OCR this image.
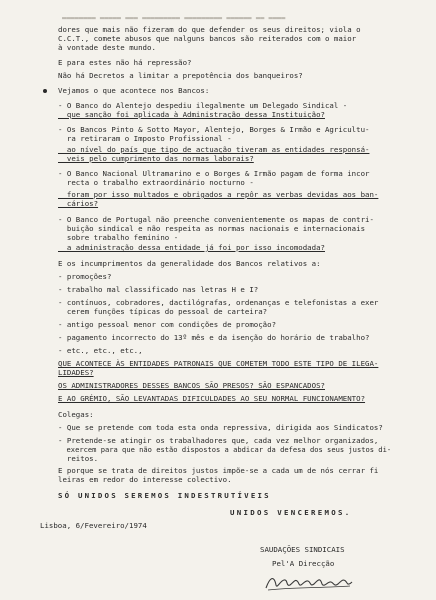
▬▬▬▬▬▬▬▬ ▬▬▬▬▬ ▬▬▬ ▬▬▬▬▬▬▬▬▬ ▬▬▬▬▬▬▬▬▬ ▬▬▬▬▬▬ ▬▬ ▬▬▬▬
dores que mais não fizeram do que defender os seus direitos; viola o
C.C.T., comete abusos que nalguns bancos são reiterados com o maior
à vontade deste mundo.
E para estes não há repressão?
Não há Decretos a limitar a prepotência dos banqueiros?
Vejamos o que acontece nos Bancos:
- O Banco do Alentejo despediu ilegalmente um Delegado Sindical -
que sanção foi aplicada à Administração dessa Instituição?
- Os Bancos Pinto & Sotto Mayor, Alentejo, Borges & Irmão e Agricultu-
ra retiraram o Imposto Profissional -
ao nível do país que tipo de actuação tiveram as entidades responsá-
veis pelo cumprimento das normas laborais?
- O Banco Nacional Ultramarino e o Borges & Irmão pagam de forma incor
recta o trabalho extraordinário nocturno -
foram por isso multados e obrigados a repôr as verbas devidas aos ban-
cários?
- O Banco de Portugal não preenche convenientemente os mapas de contri-
buição sindical e não respeita as normas nacionais e internacionais
sobre trabalho feminino -
a administração dessa entidade já foi por isso incomodada?
E os incumprimentos da generalidade dos Bancos relativos a:
- promoções?
- trabalho mal classificado nas letras H e I?
- contínuos, cobradores, dactilógrafas, ordenanças e telefonistas a exer
cerem funções típicas do pessoal de carteira?
- antigo pessoal menor com condições de promoção?
- pagamento incorrecto do 13º mês e da isenção do horário de trabalho?
- etc., etc., etc.,
QUE ACONTECE ÀS ENTIDADES PATRONAIS QUE COMETEM TODO ESTE TIPO DE ILEGA-
LIDADES?
OS ADMINISTRADORES DESSES BANCOS SÃO PRESOS? SÃO ESPANCADOS?
E AO GRÉMIO, SÃO LEVANTADAS DIFICULDADES AO SEU NORMAL FUNCIONAMENTO?
Colegas:
- Que se pretende com toda esta onda repressiva, dirigida aos Sindicatos?
- Pretende-se atingir os trabalhadores que, cada vez melhor organizados,
exercem para que não estão dispostos a abdicar da defesa dos seus justos di-
reitos.
E porque se trata de direitos justos impõe-se a cada um de nós cerrar fi
leiras em redor do interesse colectivo.
SÓ UNIDOS SEREMOS INDESTRUTÍVEIS
UNIDOS VENCEREMOS.
Lisboa, 6/Fevereiro/1974
SAUDAÇÕES SINDICAIS
Pel'A Direcção
